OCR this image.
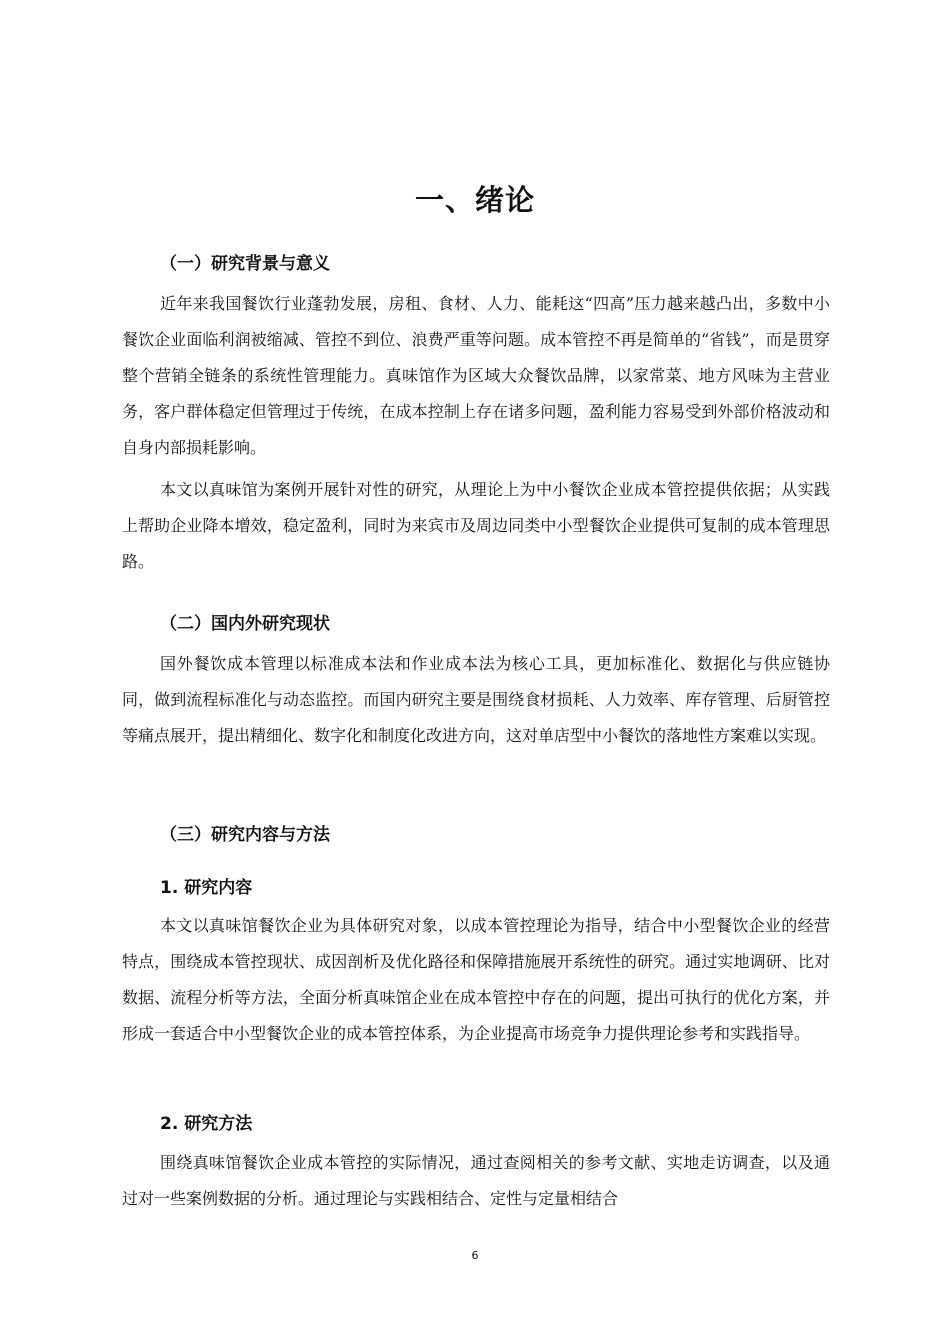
一、绪论
（一）研究背景与意义

近年来我国餐饮行业蓬勃发展，房租、食材、人力、能耗这“四高”压力越来越凸出，多数中小餐饮企业面临利润被缩减、管控不到位、浪费严重等问题。成本管控不再是简单的“省钱”，而是贯穿整个营销全链条的系统性管理能力。真味馆作为区域大众餐饮品牌，以家常菜、地方风味为主营业务，客户群体稳定但管理过于传统，在成本控制上存在诸多问题，盈利能力容易受到外部价格波动和自身内部损耗影响。

本文以真味馆为案例开展针对性的研究，从理论上为中小餐饮企业成本管控提供依据；从实践上帮助企业降本增效，稳定盈利，同时为来宾市及周边同类中小型餐饮企业提供可复制的成本管理思路。

（二）国内外研究现状

国外餐饮成本管理以标准成本法和作业成本法为核心工具，更加标准化、数据化与供应链协同，做到流程标准化与动态监控。而国内研究主要是围绕食材损耗、人力效率、库存管理、后厨管控等痛点展开，提出精细化、数字化和制度化改进方向，这对单店型中小餐饮的落地性方案难以实现。

（三）研究内容与方法
1. 研究内容

本文以真味馆餐饮企业为具体研究对象，以成本管控理论为指导，结合中小型餐饮企业的经营特点，围绕成本管控现状、成因剖析及优化路径和保障措施展开系统性的研究。通过实地调研、比对数据、流程分析等方法，全面分析真味馆企业在成本管控中存在的问题，提出可执行的优化方案，并形成一套适合中小型餐饮企业的成本管控体系，为企业提高市场竞争力提供理论参考和实践指导。

2. 研究方法

围绕真味馆餐饮企业成本管控的实际情况，通过查阅相关的参考文献、实地走访调查，以及通过对一些案例数据的分析。通过理论与实践相结合、定性与定量相结合

6
